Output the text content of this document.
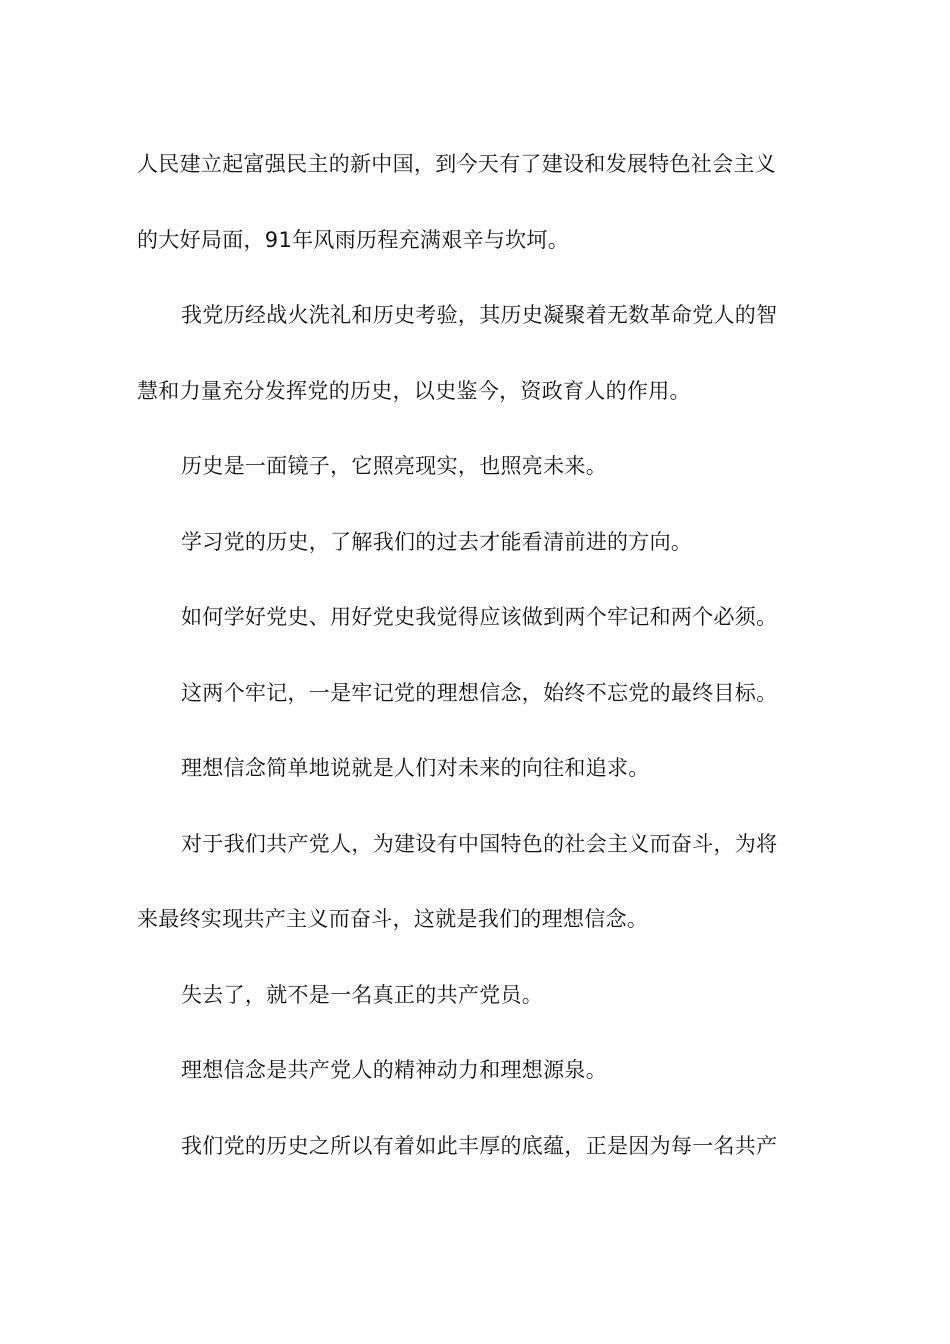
人民建立起富强民主的新中国，到今天有了建设和发展特色社会主义
的大好局面，91年风雨历程充满艰辛与坎坷。
我党历经战火洗礼和历史考验，其历史凝聚着无数革命党人的智
慧和力量充分发挥党的历史，以史鉴今，资政育人的作用。
历史是一面镜子，它照亮现实，也照亮未来。
学习党的历史，了解我们的过去才能看清前进的方向。
如何学好党史、用好党史我觉得应该做到两个牢记和两个必须。
这两个牢记，一是牢记党的理想信念，始终不忘党的最终目标。
理想信念简单地说就是人们对未来的向往和追求。
对于我们共产党人，为建设有中国特色的社会主义而奋斗，为将
来最终实现共产主义而奋斗，这就是我们的理想信念。
失去了，就不是一名真正的共产党员。
理想信念是共产党人的精神动力和理想源泉。
我们党的历史之所以有着如此丰厚的底蕴，正是因为每一名共产
